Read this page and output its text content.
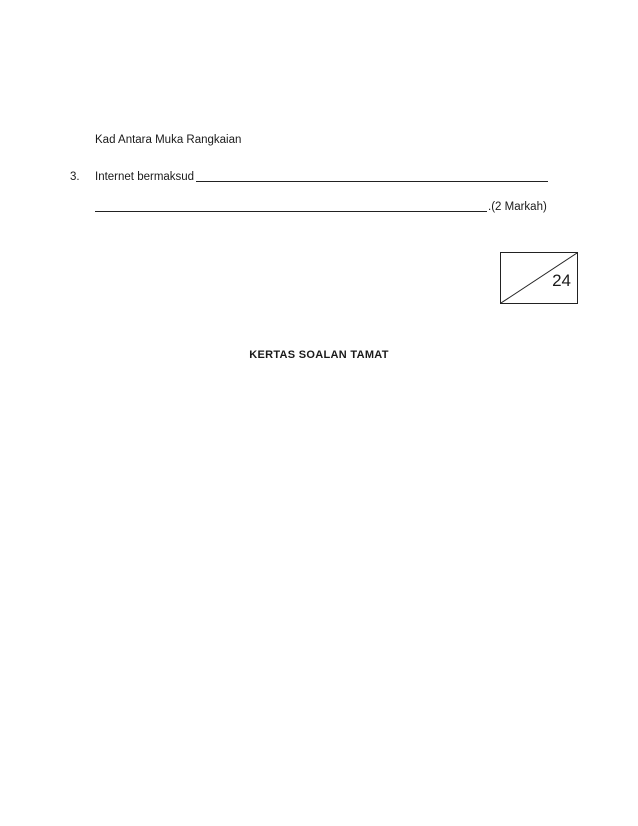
Kad Antara Muka Rangkaian
3. Internet bermaksud
.(2 Markah)
24
KERTAS SOALAN TAMAT
